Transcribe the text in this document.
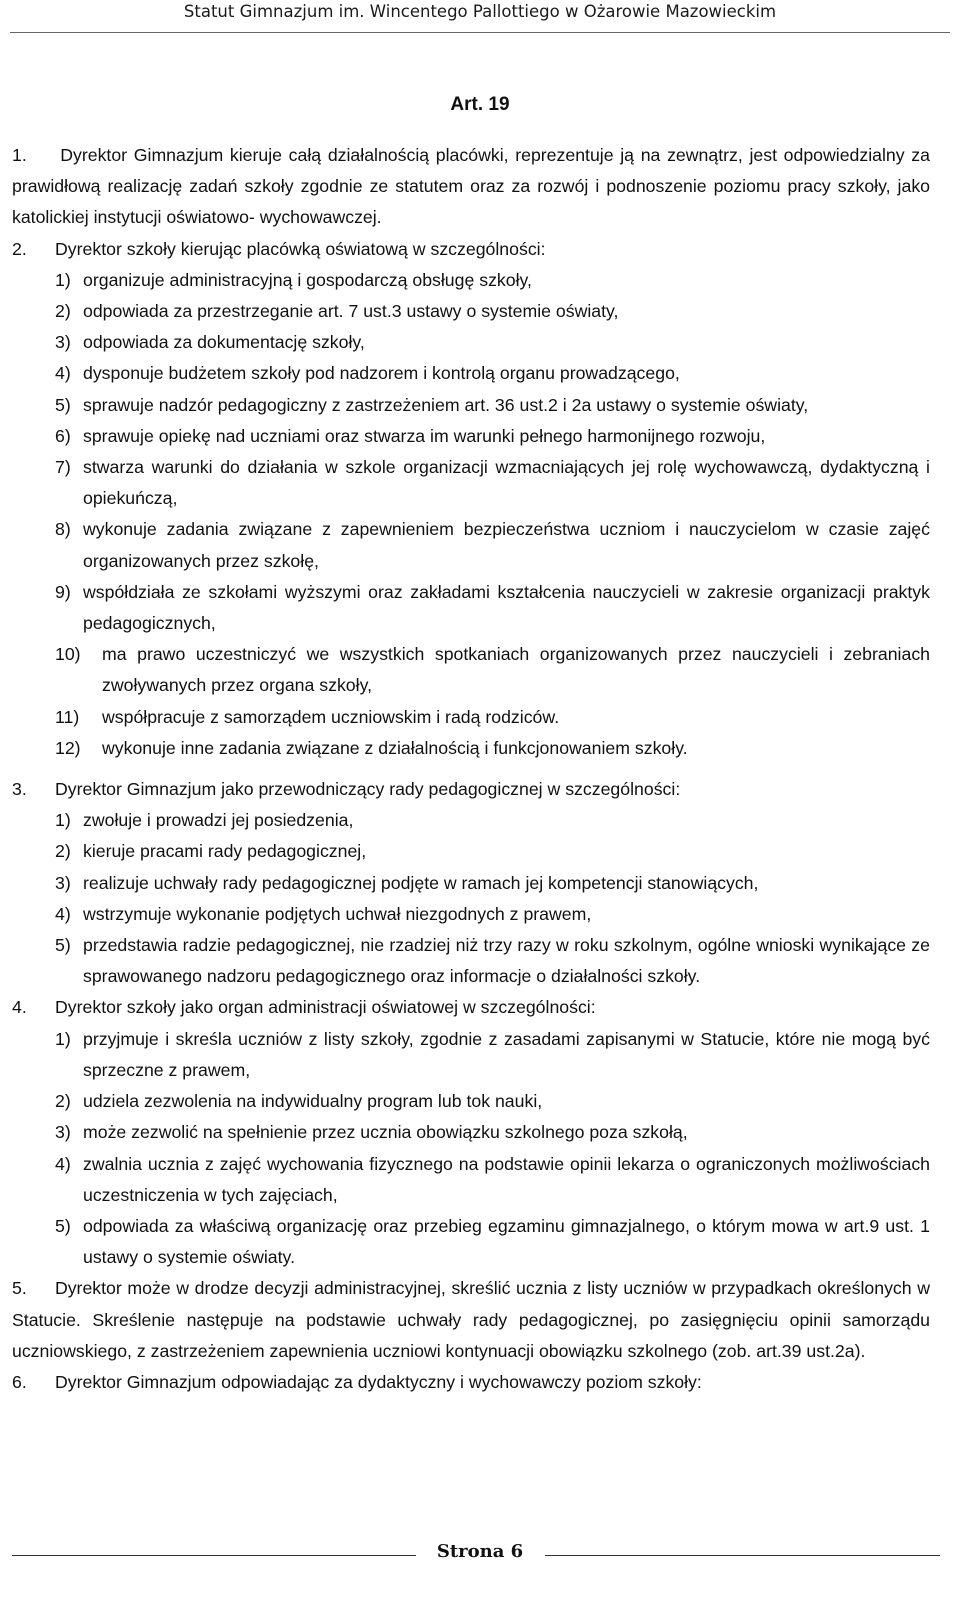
Statut Gimnazjum im. Wincentego Pallottiego w Ożarowie Mazowieckim
Art. 19

1. Dyrektor Gimnazjum kieruje całą działalnością placówki, reprezentuje ją na zewnątrz, jest odpowiedzialny za prawidłową realizację zadań szkoły zgodnie ze statutem oraz za rozwój i podnoszenie poziomu pracy szkoły, jako katolickiej instytucji oświatowo- wychowawczej.

2. Dyrektor szkoły kierując placówką oświatową w szczególności:

1) organizuje administracyjną i gospodarczą obsługę szkoły,

2) odpowiada za przestrzeganie art. 7 ust.3 ustawy o systemie oświaty,

3) odpowiada za dokumentację szkoły,

4) dysponuje budżetem szkoły pod nadzorem i kontrolą organu prowadzącego,

5) sprawuje nadzór pedagogiczny z zastrzeżeniem art. 36 ust.2 i 2a ustawy o systemie oświaty,

6) sprawuje opiekę nad uczniami oraz stwarza im warunki pełnego harmonijnego rozwoju,

7) stwarza warunki do działania w szkole organizacji wzmacniających jej rolę wychowawczą, dydaktyczną i opiekuńczą,

8) wykonuje zadania związane z zapewnieniem bezpieczeństwa uczniom i nauczycielom w czasie zajęć organizowanych przez szkołę,

9) współdziała ze szkołami wyższymi oraz zakładami kształcenia nauczycieli w zakresie organizacji praktyk pedagogicznych,

10) ma prawo uczestniczyć we wszystkich spotkaniach organizowanych przez nauczycieli i zebraniach zwoływanych przez organa szkoły,

11) współpracuje z samorządem uczniowskim i radą rodziców.

12) wykonuje inne zadania związane z działalnością i funkcjonowaniem szkoły.

3. Dyrektor Gimnazjum jako przewodniczący rady pedagogicznej w szczególności:

1) zwołuje i prowadzi jej posiedzenia,

2) kieruje pracami rady pedagogicznej,

3) realizuje uchwały rady pedagogicznej podjęte w ramach jej kompetencji stanowiących,

4) wstrzymuje wykonanie podjętych uchwał niezgodnych z prawem,

5) przedstawia radzie pedagogicznej, nie rzadziej niż trzy razy w roku szkolnym, ogólne wnioski wynikające ze sprawowanego nadzoru pedagogicznego oraz informacje o działalności szkoły.

4. Dyrektor szkoły jako organ administracji oświatowej w szczególności:

1) przyjmuje i skreśla uczniów z listy szkoły, zgodnie z zasadami zapisanymi w Statucie, które nie mogą być sprzeczne z prawem,

2) udziela zezwolenia na indywidualny program lub tok nauki,

3) może zezwolić na spełnienie przez ucznia obowiązku szkolnego poza szkołą,

4) zwalnia ucznia z zajęć wychowania fizycznego na podstawie opinii lekarza o ograniczonych możliwościach uczestniczenia w tych zajęciach,

5) odpowiada za właściwą organizację oraz przebieg egzaminu gimnazjalnego, o którym mowa w art.9 ust. 1 ustawy o systemie oświaty.

5. Dyrektor może w drodze decyzji administracyjnej, skreślić ucznia z listy uczniów w przypadkach określonych w Statucie. Skreślenie następuje na podstawie uchwały rady pedagogicznej, po zasięgnięciu opinii samorządu uczniowskiego, z zastrzeżeniem zapewnienia uczniowi kontynuacji obowiązku szkolnego (zob. art.39 ust.2a).

6. Dyrektor Gimnazjum odpowiadając za dydaktyczny i wychowawczy poziom szkoły:

Strona 6
